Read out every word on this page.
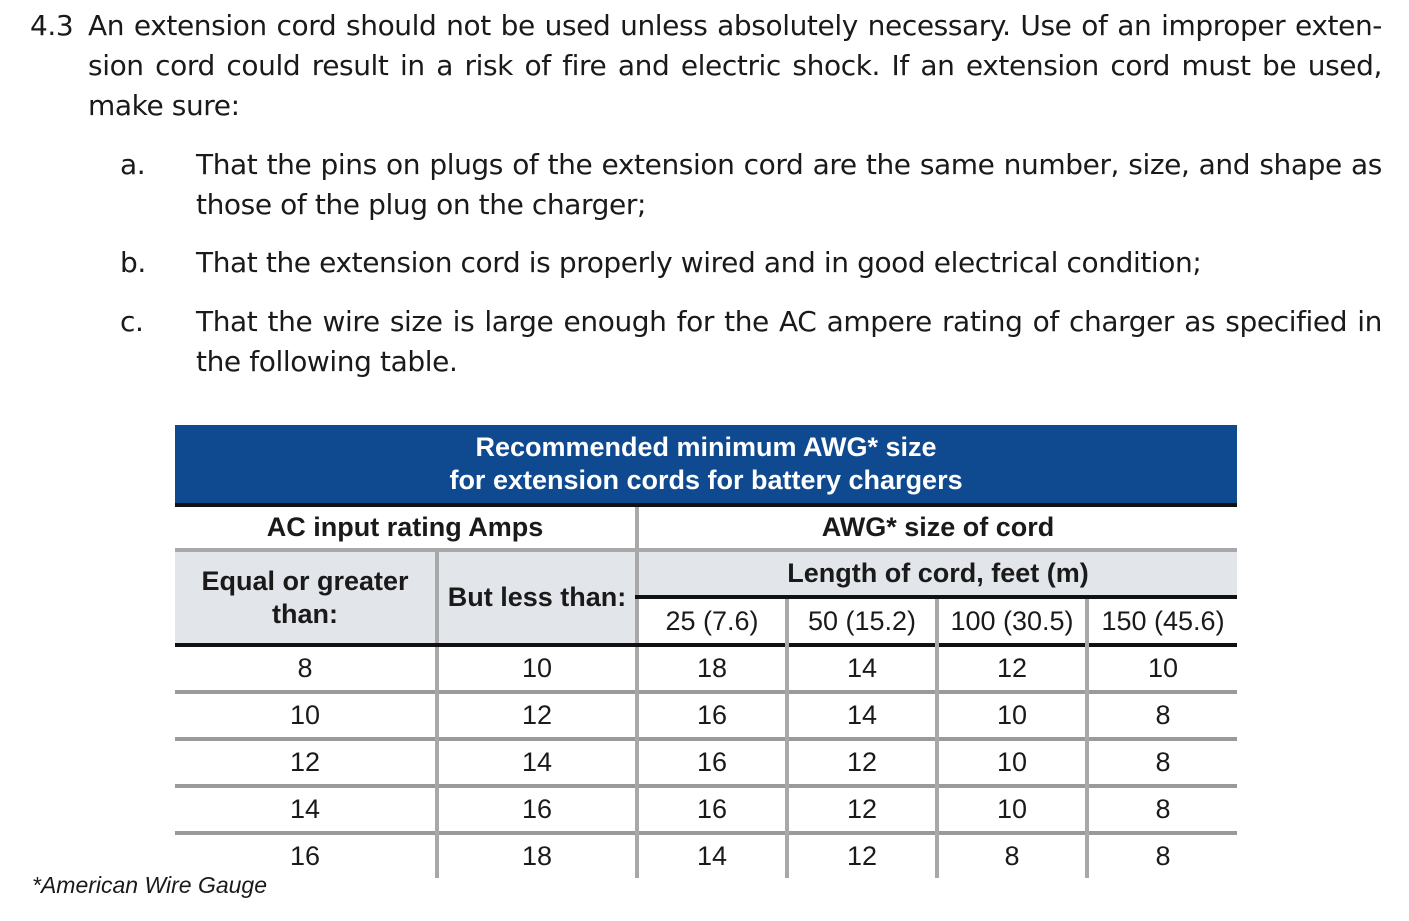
4.3 An extension cord should not be used unless absolutely necessary. Use of an improper exten-sion cord could result in a risk of fire and electric shock. If an extension cord must be used, make sure:
a. That the pins on plugs of the extension cord are the same number, size, and shape as those of the plug on the charger;
b. That the extension cord is properly wired and in good electrical condition;
c. That the wire size is large enough for the AC ampere rating of charger as specified in the following table.
Recommended minimum AWG* size
for extension cords for battery chargers					

AC input rating Amps		AWG* size of cord			
Equal or greater than:	But less than:	Length of cord, feet (m)			
		25 (7.6)	50 (15.2)	100 (30.5)	150 (45.6)
8	10	18	14	12	10
10	12	16	14	10	8
12	14	16	12	10	8
14	16	16	12	10	8
16	18	14	12	8	8
*American Wire Gauge
